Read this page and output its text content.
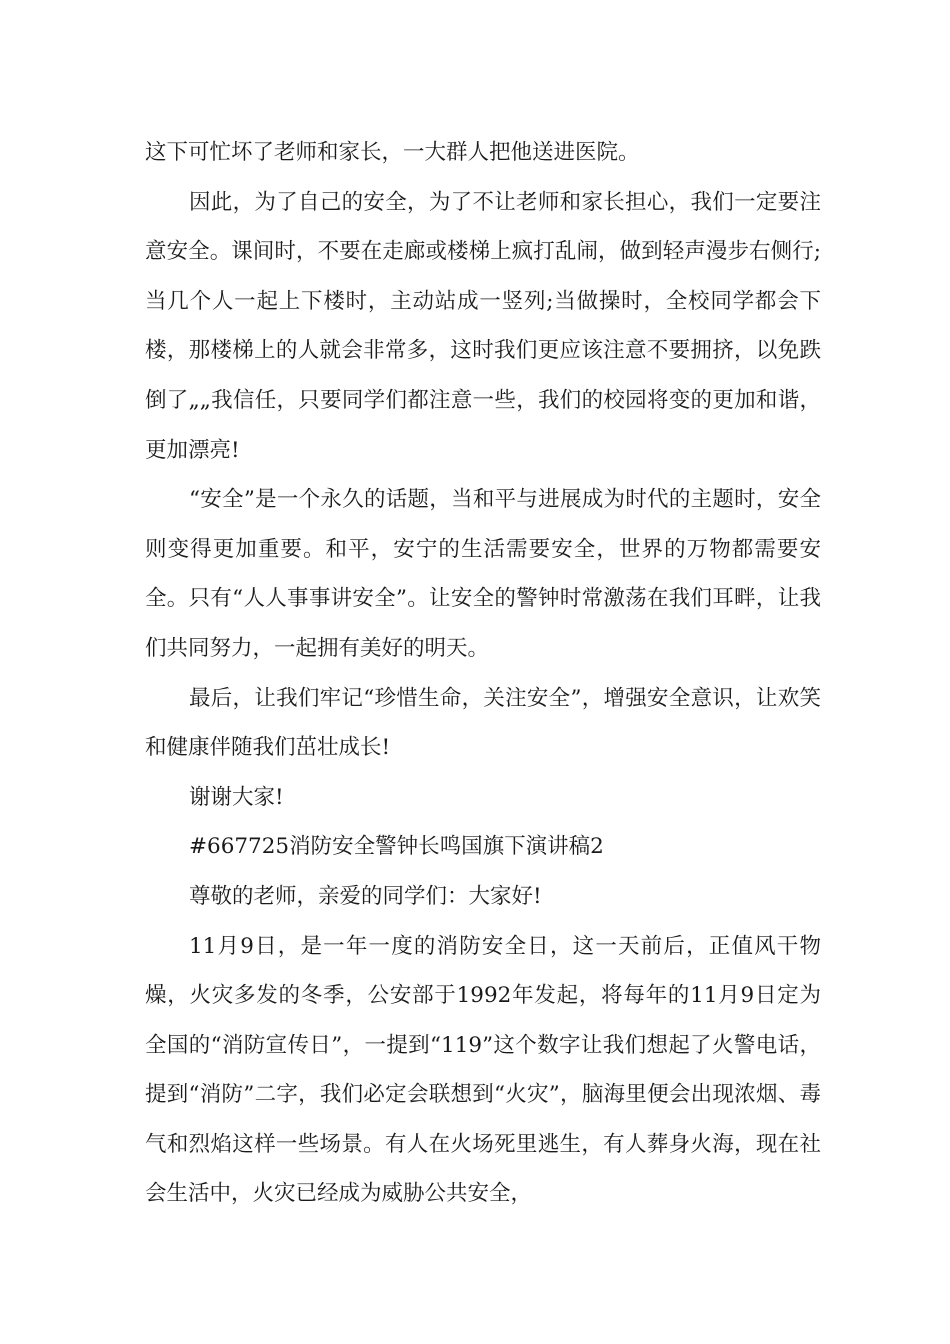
这下可忙坏了老师和家长，一大群人把他送进医院。

因此，为了自己的安全，为了不让老师和家长担心，我们一定要注意安全。课间时，不要在走廊或楼梯上疯打乱闹，做到轻声漫步右侧行;当几个人一起上下楼时，主动站成一竖列;当做操时，全校同学都会下楼，那楼梯上的人就会非常多，这时我们更应该注意不要拥挤，以免跌倒了„„我信任，只要同学们都注意一些，我们的校园将变的更加和谐，更加漂亮!

“安全”是一个永久的话题，当和平与进展成为时代的主题时，安全则变得更加重要。和平，安宁的生活需要安全，世界的万物都需要安全。只有“人人事事讲安全”。让安全的警钟时常激荡在我们耳畔，让我们共同努力，一起拥有美好的明天。

最后，让我们牢记“珍惜生命，关注安全”，增强安全意识，让欢笑和健康伴随我们茁壮成长!

谢谢大家!

#667725消防安全警钟长鸣国旗下演讲稿2

尊敬的老师，亲爱的同学们：大家好!

11月9日，是一年一度的消防安全日，这一天前后，正值风干物燥，火灾多发的冬季，公安部于1992年发起，将每年的11月9日定为全国的“消防宣传日”，一提到“119”这个数字让我们想起了火警电话，提到“消防”二字，我们必定会联想到“火灾”，脑海里便会出现浓烟、毒气和烈焰这样一些场景。有人在火场死里逃生，有人葬身火海，现在社会生活中，火灾已经成为威胁公共安全，
